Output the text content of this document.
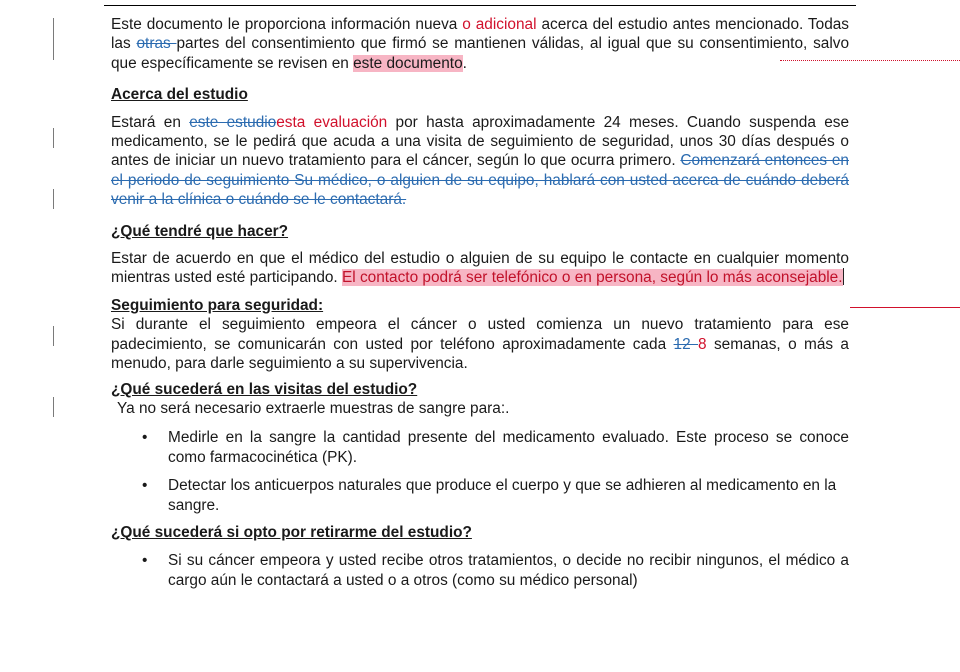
Este documento le proporciona información nueva o adicional acerca del estudio antes mencionado. Todas las otras partes del consentimiento que firmó se mantienen válidas, al igual que su consentimiento, salvo que específicamente se revisen en este documento.

Acerca del estudio

Estará en este estudioesta evaluación por hasta aproximadamente 24 meses. Cuando suspenda ese medicamento, se le pedirá que acuda a una visita de seguimiento de seguridad, unos 30 días después o antes de iniciar un nuevo tratamiento para el cáncer, según lo que ocurra primero. Comenzará entonces en el periodo de seguimiento Su médico, o alguien de su equipo, hablará con usted acerca de cuándo deberá venir a la clínica o cuándo se le contactará.

¿Qué tendré que hacer?

Estar de acuerdo en que el médico del estudio o alguien de su equipo le contacte en cualquier momento mientras usted esté participando. El contacto podrá ser telefónico o en persona, según lo más aconsejable.

Seguimiento para seguridad:

Si durante el seguimiento empeora el cáncer o usted comienza un nuevo tratamiento para ese padecimiento, se comunicarán con usted por teléfono aproximadamente cada 12 8 semanas, o más a menudo, para darle seguimiento a su supervivencia.

¿Qué sucederá en las visitas del estudio?

Ya no será necesario extraerle muestras de sangre para:.

• Medirle en la sangre la cantidad presente del medicamento evaluado. Este proceso se conoce como farmacocinética (PK).
• Detectar los anticuerpos naturales que produce el cuerpo y que se adhieren al medicamento en la sangre.
¿Qué sucederá si opto por retirarme del estudio?
• Si su cáncer empeora y usted recibe otros tratamientos, o decide no recibir ningunos, el médico a cargo aún le contactará a usted o a otros (como su médico personal)
